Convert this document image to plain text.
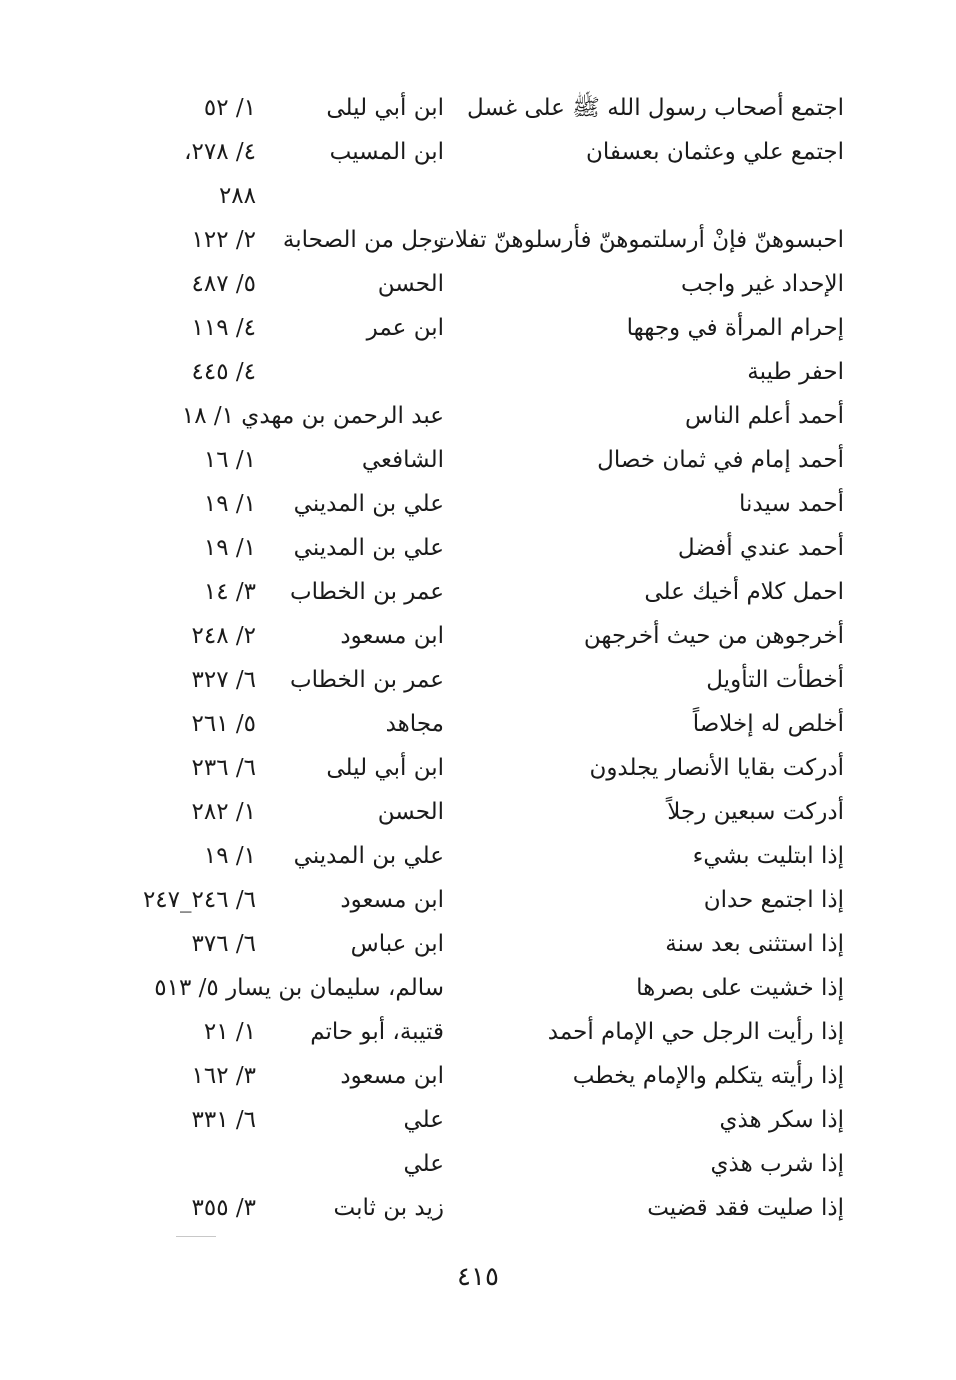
اجتمع أصحاب رسول الله ﷺ على غسل
ابن أبي ليلى
١/ ٥٢
اجتمع علي وعثمان بعسفان
ابن المسيب
٤/ ٢٧٨،
٢٨٨
احبسوهنّ فإنْ أرسلتموهنّ فأرسلوهنّ تفلات
رجل من الصحابة
٢/ ١٢٢
الإحداد غير واجب
الحسن
٥/ ٤٨٧
إحرام المرأة في وجهها
ابن عمر
٤/ ١١٩
احفر طيبة
٤/ ٤٤٥
أحمد أعلم الناس
عبد الرحمن بن مهدي ١/ ١٨
أحمد إمام في ثمان خصال
الشافعي
١/ ١٦
أحمد سيدنا
علي بن المديني
١/ ١٩
أحمد عندي أفضل
علي بن المديني
١/ ١٩
احمل كلام أخيك على
عمر بن الخطاب
٣/ ١٤
أخرجوهن من حيث أخرجهن
ابن مسعود
٢/ ٢٤٨
أخطأت التأويل
عمر بن الخطاب
٦/ ٣٢٧
أخلص له إخلاصاً
مجاهد
٥/ ٢٦١
أدركت بقايا الأنصار يجلدون
ابن أبي ليلى
٦/ ٢٣٦
أدركت سبعين رجلاً
الحسن
١/ ٢٨٢
إذا ابتليت بشيء
علي بن المديني
١/ ١٩
إذا اجتمع حدان
ابن مسعود
٦/ ٢٤٦_٢٤٧
إذا استثنى بعد سنة
ابن عباس
٦/ ٣٧٦
إذا خشيت على بصرها
سالم، سليمان بن يسار ٥/ ٥١٣
إذا رأيت الرجل حي الإمام أحمد
قتيبة، أبو حاتم
١/ ٢١
إذا رأيته يتكلم والإمام يخطب
ابن مسعود
٣/ ١٦٢
إذا سكر هذي
علي
٦/ ٣٣١
إذا شرب هذي
علي
إذا صليت فقد قضيت
زيد بن ثابت
٣/ ٣٥٥
٤١٥
